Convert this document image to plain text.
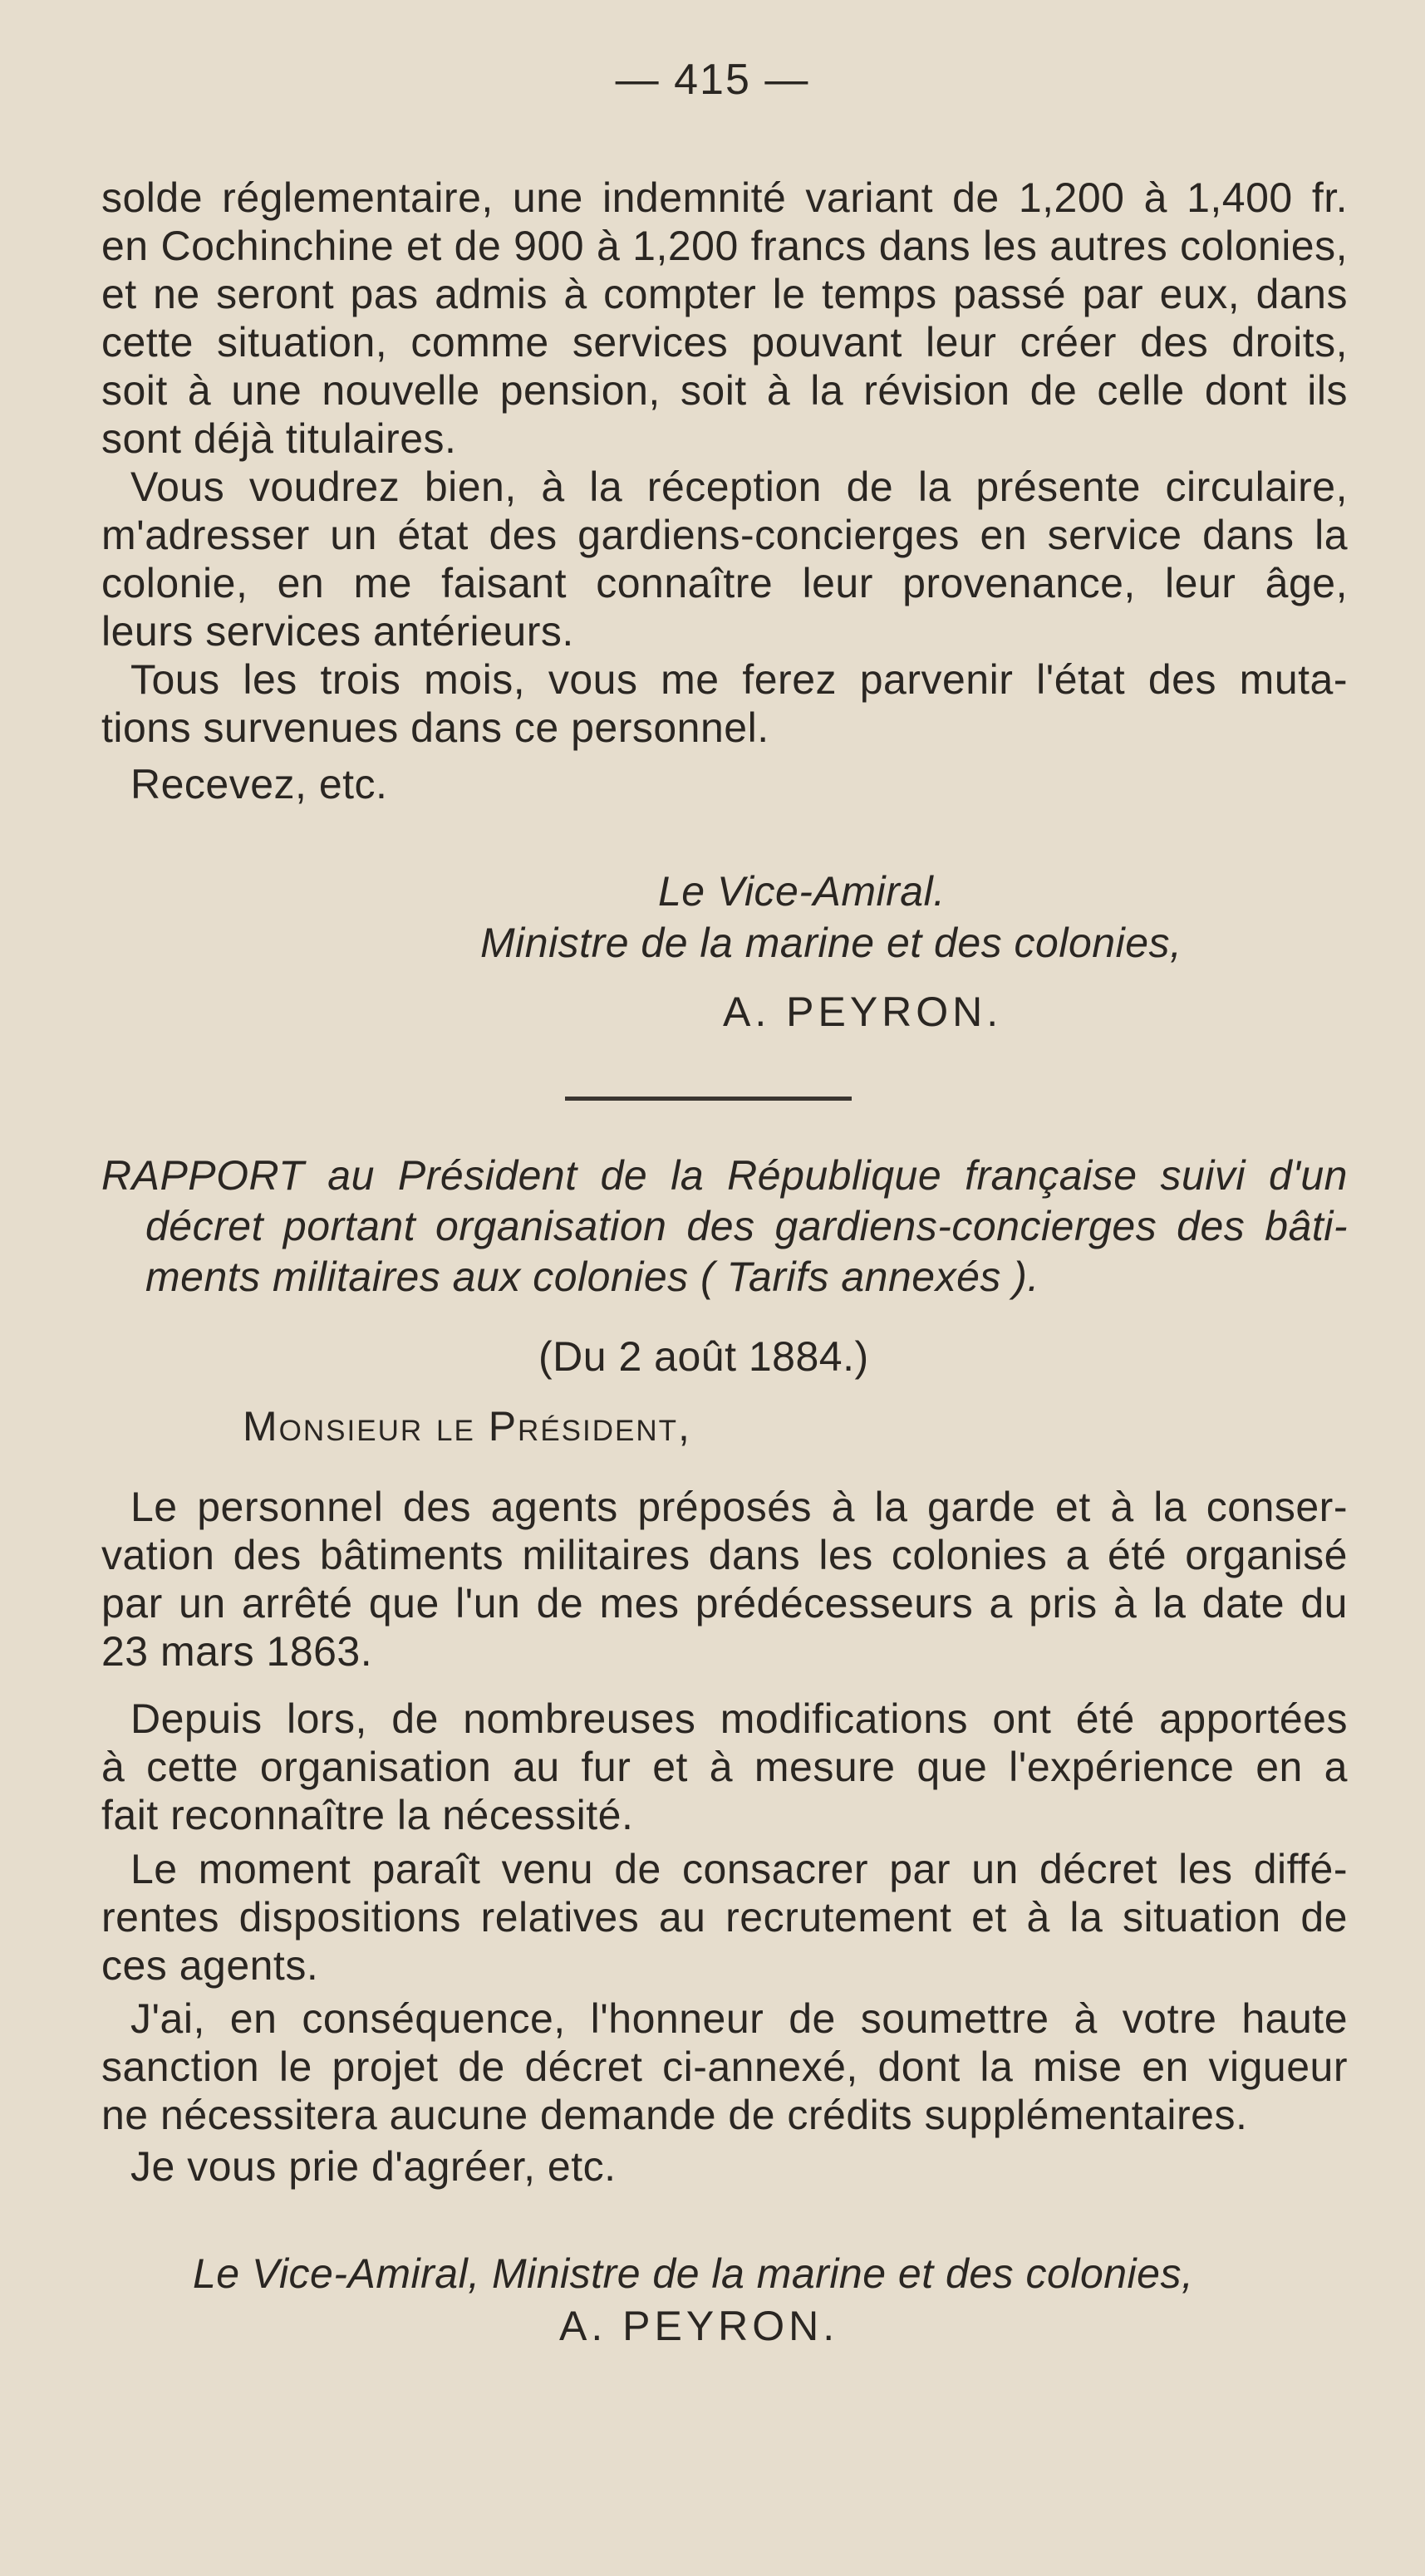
— 415 —
solde réglementaire, une indemnité variant de 1,200 à 1,400 fr.
en Cochinchine et de 900 à 1,200 francs dans les autres colonies,
et ne seront pas admis à compter le temps passé par eux, dans
cette situation, comme services pouvant leur créer des droits,
soit à une nouvelle pension, soit à la révision de celle dont ils
sont déjà titulaires.
Vous voudrez bien, à la réception de la présente circulaire,
m'adresser un état des gardiens-concierges en service dans la
colonie, en me faisant connaître leur provenance, leur âge,
leurs services antérieurs.
Tous les trois mois, vous me ferez parvenir l'état des muta-
tions survenues dans ce personnel.
Recevez, etc.
Le Vice-Amiral.
Ministre de la marine et des colonies,
A. PEYRON.
RAPPORT au Président de la République française suivi d'un
décret portant organisation des gardiens-concierges des bâti-
ments militaires aux colonies ( Tarifs annexés ).
(Du 2 août 1884.)
Monsieur le Président,
Le personnel des agents préposés à la garde et à la conser-
vation des bâtiments militaires dans les colonies a été organisé
par un arrêté que l'un de mes prédécesseurs a pris à la date du
23 mars 1863.
Depuis lors, de nombreuses modifications ont été apportées
à cette organisation au fur et à mesure que l'expérience en a
fait reconnaître la nécessité.
Le moment paraît venu de consacrer par un décret les diffé-
rentes dispositions relatives au recrutement et à la situation de
ces agents.
J'ai, en conséquence, l'honneur de soumettre à votre haute
sanction le projet de décret ci-annexé, dont la mise en vigueur
ne nécessitera aucune demande de crédits supplémentaires.
Je vous prie d'agréer, etc.
Le Vice-Amiral, Ministre de la marine et des colonies,
A. PEYRON.
